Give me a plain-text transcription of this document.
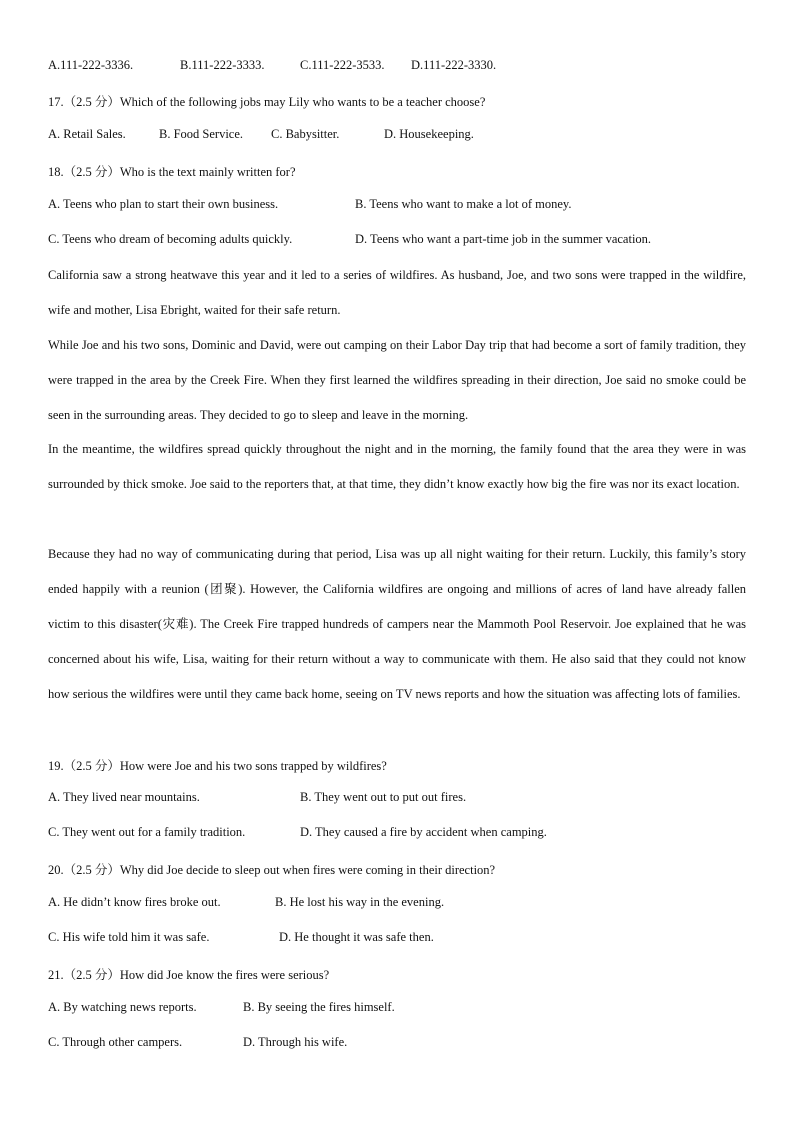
A.111-222-3336.	B.111-222-3333.	C.111-222-3533. D.111-222-3330.
17.（2.5 分）Which of the following jobs may Lily who wants to be a teacher choose?
A. Retail Sales.	B. Food Service. C. Babysitter.	D. Housekeeping.
18.（2.5 分）Who is the text mainly written for?
A. Teens who plan to start their own business.	B. Teens who want to make a lot of money.
C. Teens who dream of becoming adults quickly.	D. Teens who want a part-time job in the summer vacation.
California saw a strong heatwave this year and it led to a series of wildfires. As husband, Joe, and two sons were trapped in the wildfire, wife and mother, Lisa Ebright, waited for their safe return.
While Joe and his two sons, Dominic and David, were out camping on their Labor Day trip that had become a sort of family tradition, they were trapped in the area by the Creek Fire. When they first learned the wildfires spreading in their direction, Joe said no smoke could be seen in the surrounding areas. They decided to go to sleep and leave in the morning.
In the meantime, the wildfires spread quickly throughout the night and in the morning, the family found that the area they were in was surrounded by thick smoke. Joe said to the reporters that, at that time, they didn’t know exactly how big the fire was nor its exact location.
Because they had no way of communicating during that period, Lisa was up all night waiting for their return. Luckily, this family’s story ended happily with a reunion (团聚). However, the California wildfires are ongoing and millions of acres of land have already fallen victim to this disaster(灾难). The Creek Fire trapped hundreds of campers near the Mammoth Pool Reservoir. Joe explained that he was concerned about his wife, Lisa, waiting for their return without a way to communicate with them. He also said that they could not know how serious the wildfires were until they came back home, seeing on TV news reports and how the situation was affecting lots of families.
19.（2.5 分）How were Joe and his two sons trapped by wildfires?
A. They lived near mountains.	B. They went out to put out fires.
C. They went out for a family tradition.	D. They caused a fire by accident when camping.
20.（2.5 分）Why did Joe decide to sleep out when fires were coming in their direction?
A. He didn’t know fires broke out.	B. He lost his way in the evening.
C. His wife told him it was safe.	D. He thought it was safe then.
21.（2.5 分）How did Joe know the fires were serious?
A. By watching news reports.	B. By seeing the fires himself.
C. Through other campers.	D. Through his wife.
